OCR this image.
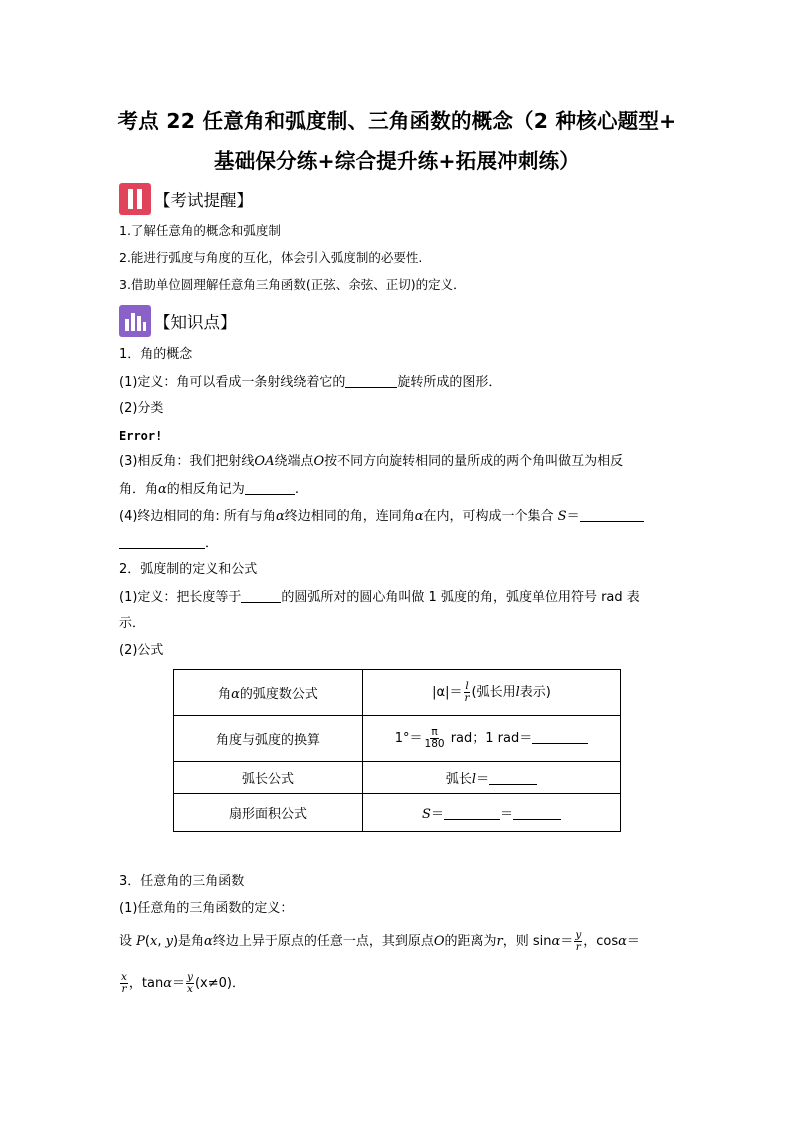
考点 22 任意角和弧度制、三角函数的概念（2 种核心题型+
基础保分练+综合提升练+拓展冲刺练）
【考试提醒】
1.了解任意角的概念和弧度制
2.能进行弧度与角度的互化，体会引入弧度制的必要性.
3.借助单位圆理解任意角三角函数(正弦、余弦、正切)的定义．
【知识点】
1．角的概念
(1)定义：角可以看成一条射线绕着它的	旋转所成的图形．
(2)分类
Error!
(3)相反角：我们把射线OA绕端点O按不同方向旋转相同的量所成的两个角叫做互为相反
角．角α的相反角记为	.
(4)终边相同的角: 所有与角α终边相同的角，连同角α在内，可构成一个集合 S＝
．
2．弧度制的定义和公式
(1)定义：把长度等于	的圆弧所对的圆心角叫做 1 弧度的角，弧度单位用符号 rad 表
示．
(2)公式
角α的弧度数公式	$|\alpha|= \frac{l}{r}$ (弧长用l表示)
角度与弧度的换算	$1^\circ= \frac{\pi}{180}$ rad；1 rad＝
弧长公式	弧长l＝
扇形面积公式	S＝ ＝
3．任意角的三角函数
(1)任意角的三角函数的定义：
设 P(x, y)是角α终边上异于原点的任意一点，其到原点O的距离为r，则 $\sin\alpha= \frac{y}{r}$ ，cosα＝
$\frac{x}{r}$ ，$\tan\alpha= \frac{y}{x} (x\ne 0)$．
